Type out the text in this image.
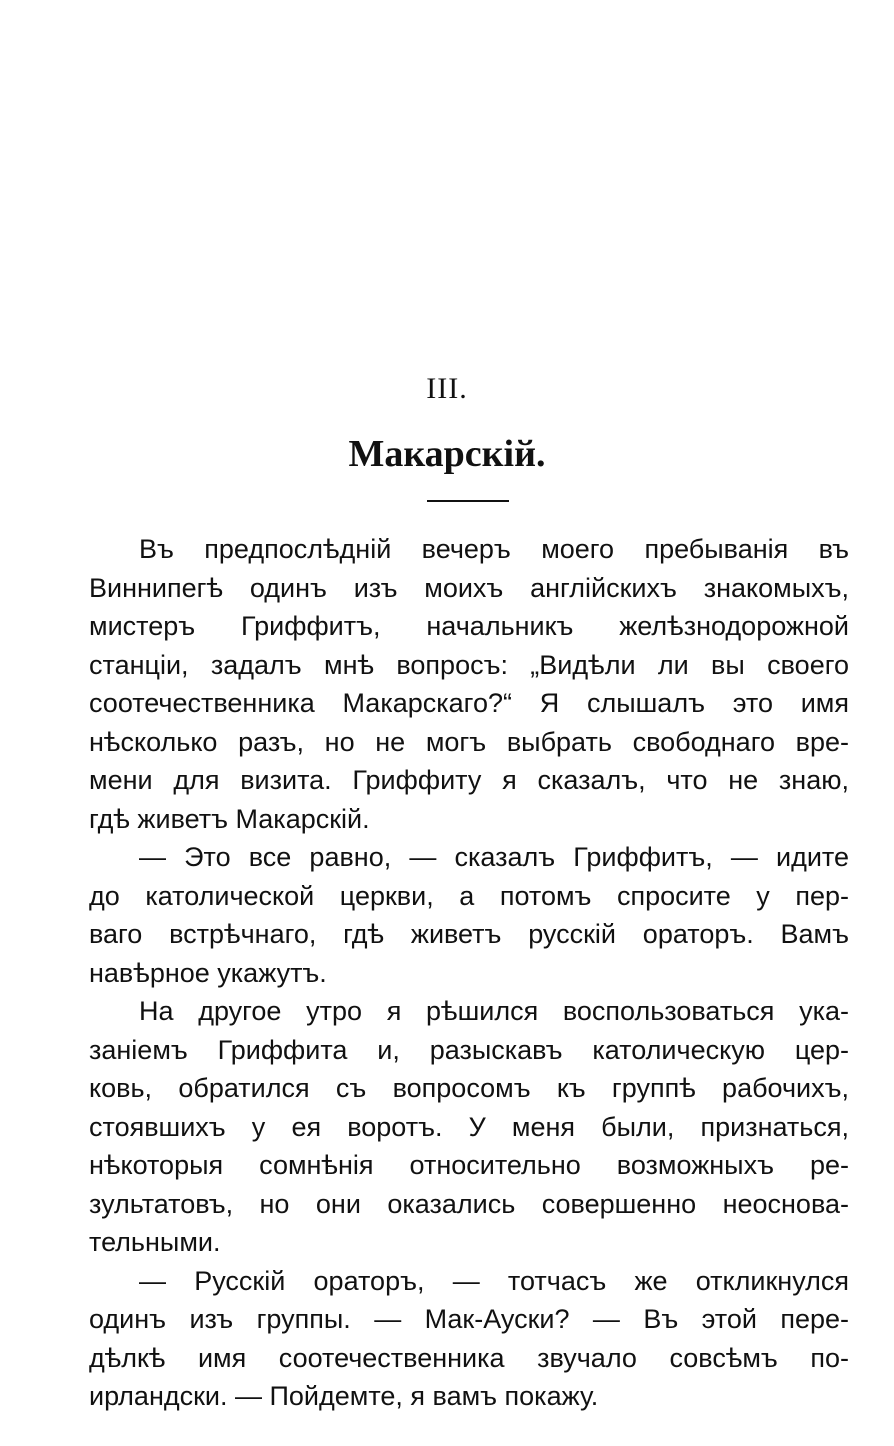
III.
Макарскій.
Въ предпослѣдній вечеръ моего пребыванія въ
Виннипегѣ одинъ изъ моихъ англійскихъ знакомыхъ,
мистеръ Гриффитъ, начальникъ желѣзнодорожной
станціи, задалъ мнѣ вопросъ: „Видѣли ли вы своего
соотечественника Макарскаго?“ Я слышалъ это имя
нѣсколько разъ, но не могъ выбрать свободнаго вре-
мени для визита. Гриффиту я сказалъ, что не знаю,
гдѣ живетъ Макарскій.
— Это все равно, — сказалъ Гриффитъ, — идите
до католической церкви, а потомъ спросите у пер-
ваго встрѣчнаго, гдѣ живетъ русскій ораторъ. Вамъ
навѣрное укажутъ.
На другое утро я рѣшился воспользоваться ука-
заніемъ Гриффита и, разыскавъ католическую цер-
ковь, обратился съ вопросомъ къ группѣ рабочихъ,
стоявшихъ у ея воротъ. У меня были, признаться,
нѣкоторыя сомнѣнія относительно возможныхъ ре-
зультатовъ, но они оказались совершенно неоснова-
тельными.
— Русскій ораторъ, — тотчасъ же откликнулся
одинъ изъ группы. — Мак-Ауски? — Въ этой пере-
дѣлкѣ имя соотечественника звучало совсѣмъ по-
ирландски. — Пойдемте, я вамъ покажу.
